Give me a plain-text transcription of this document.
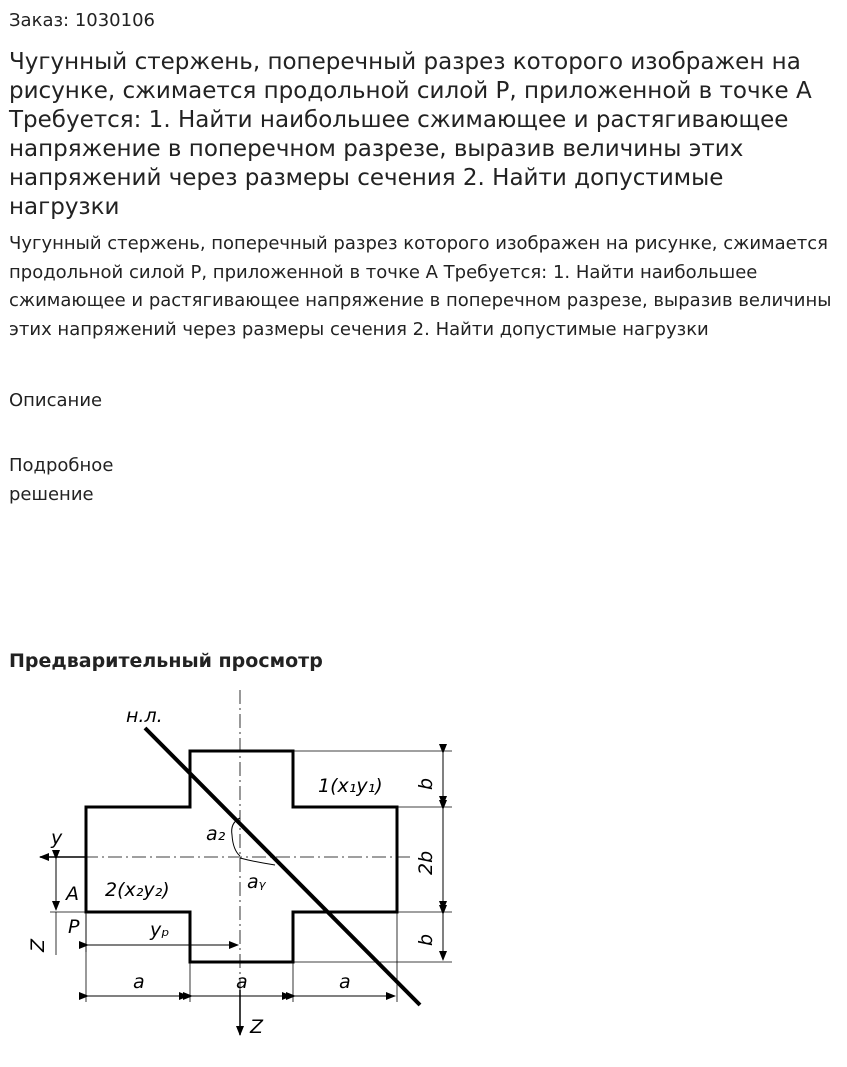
Заказ: 1030106
Чугунный стержень, поперечный разрез которого изображен на рисунке, сжимается продольной силой P, приложенной в точке A Требуется: 1. Найти наибольшее сжимающее и растягивающее напряжение в поперечном разрезе, выразив величины этих напряжений через размеры сечения 2. Найти допустимые нагрузки
Чугунный стержень, поперечный разрез которого изображен на рисунке, сжимается продольной силой P, приложенной в точке A Требуется: 1. Найти наибольшее сжимающее и растягивающее напряжение в поперечном разрезе, выразив величины этих напряжений через размеры сечения 2. Найти допустимые нагрузки
Описание
Подробное решение
Предварительный просмотр
н.л.
1(x₁y₁)
a₂
aᵧ
y
A 2(x₂y₂)
P	yₚ
Z
b
2b
b
a	a	a
Z
